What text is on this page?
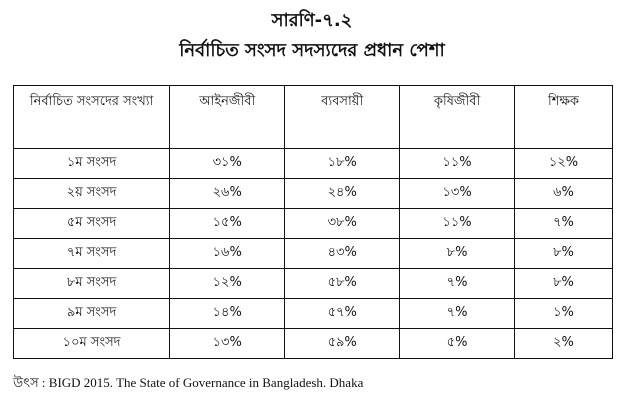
সারণি-৭.২
নির্বাচিত সংসদ সদস্যদের প্রধান পেশা
নির্বাচিত সংসদের সংখ্যা	আইনজীবী	ব্যবসায়ী	কৃষিজীবী	শিক্ষক
১ম সংসদ	৩১%	১৮%	১১%	১২%
২য় সংসদ	২৬%	২৪%	১৩%	৬%
৫ম সংসদ	১৫%	৩৮%	১১%	৭%
৭ম সংসদ	১৬%	৪৩%	৮%	৮%
৮ম সংসদ	১২%	৫৮%	৭%	৮%
৯ম সংসদ	১৪%	৫৭%	৭%	১%
১০ম সংসদ	১৩%	৫৯%	৫%	২%
উৎস : BIGD 2015. The State of Governance in Bangladesh. Dhaka
